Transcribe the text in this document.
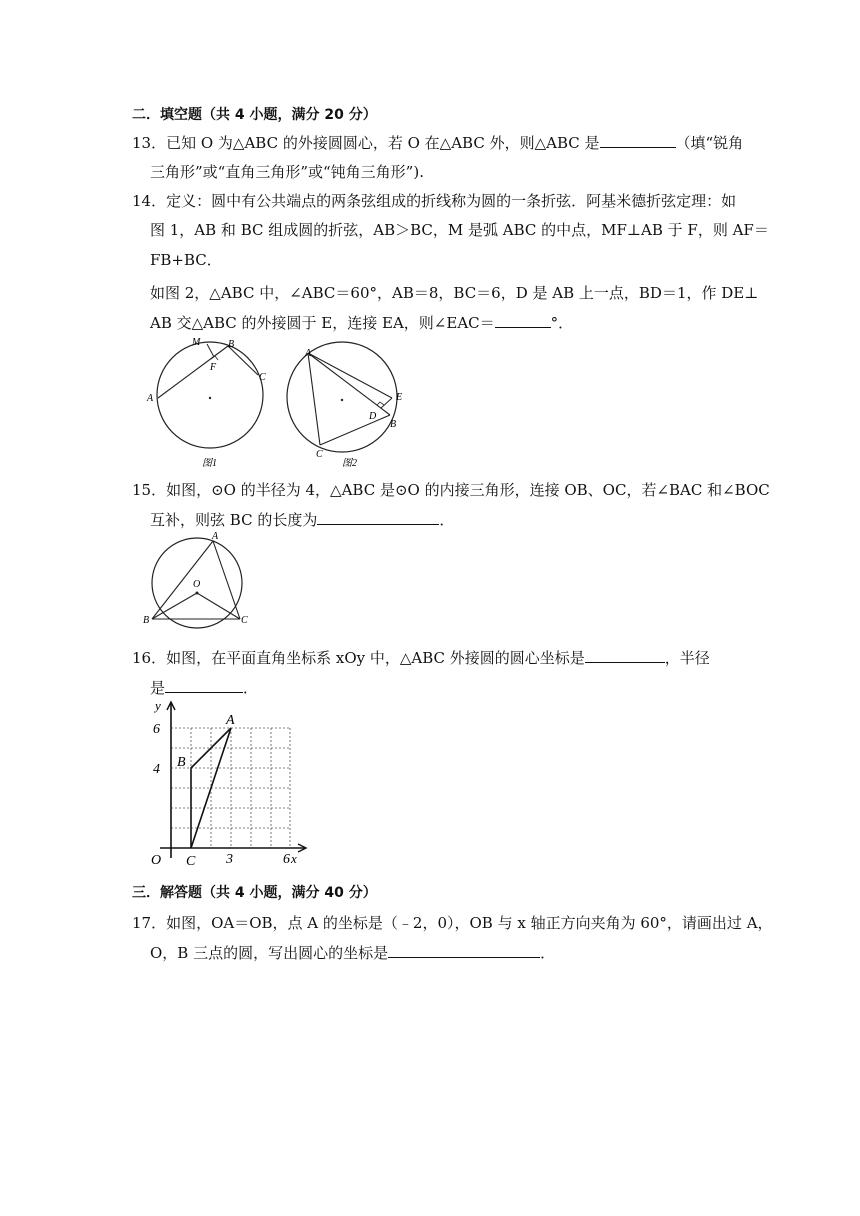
二．填空题（共 4 小题，满分 20 分）
13．已知 O 为△ABC 的外接圆圆心，若 O 在△ABC 外，则△ABC 是	（填“锐角
三角形”或“直角三角形”或“钝角三角形”).
14．定义：圆中有公共端点的两条弦组成的折线称为圆的一条折弦．阿基米德折弦定理：如
图 1，AB 和 BC 组成圆的折弦，AB＞BC，M 是弧 ABC 的中点，MF⊥AB 于 F，则 AF＝
FB+BC．
如图 2，△ABC 中，∠ABC＝60°，AB＝8，BC＝6，D 是 AB 上一点，BD＝1，作 DE⊥
AB 交△ABC 的外接圆于 E，连接 EA，则∠EAC＝	°．
M	B
F
C
A
图1
A
E
D
B
C
图2
15．如图，⊙O 的半径为 4，△ABC 是⊙O 的内接三角形，连接 OB、OC，若∠BAC 和∠BOC
互补，则弦 BC 的长度为	．
A
O
B	C
16．如图，在平面直角坐标系 xOy 中，△ABC 外接圆的圆心坐标是	，半径
是	．
y
x
O
6
4
3	6
A
B
C
三．解答题（共 4 小题，满分 40 分）
17．如图，OA＝OB，点 A 的坐标是（﹣2，0），OB 与 x 轴正方向夹角为 60°，请画出过 A，
O，B 三点的圆，写出圆心的坐标是	．
